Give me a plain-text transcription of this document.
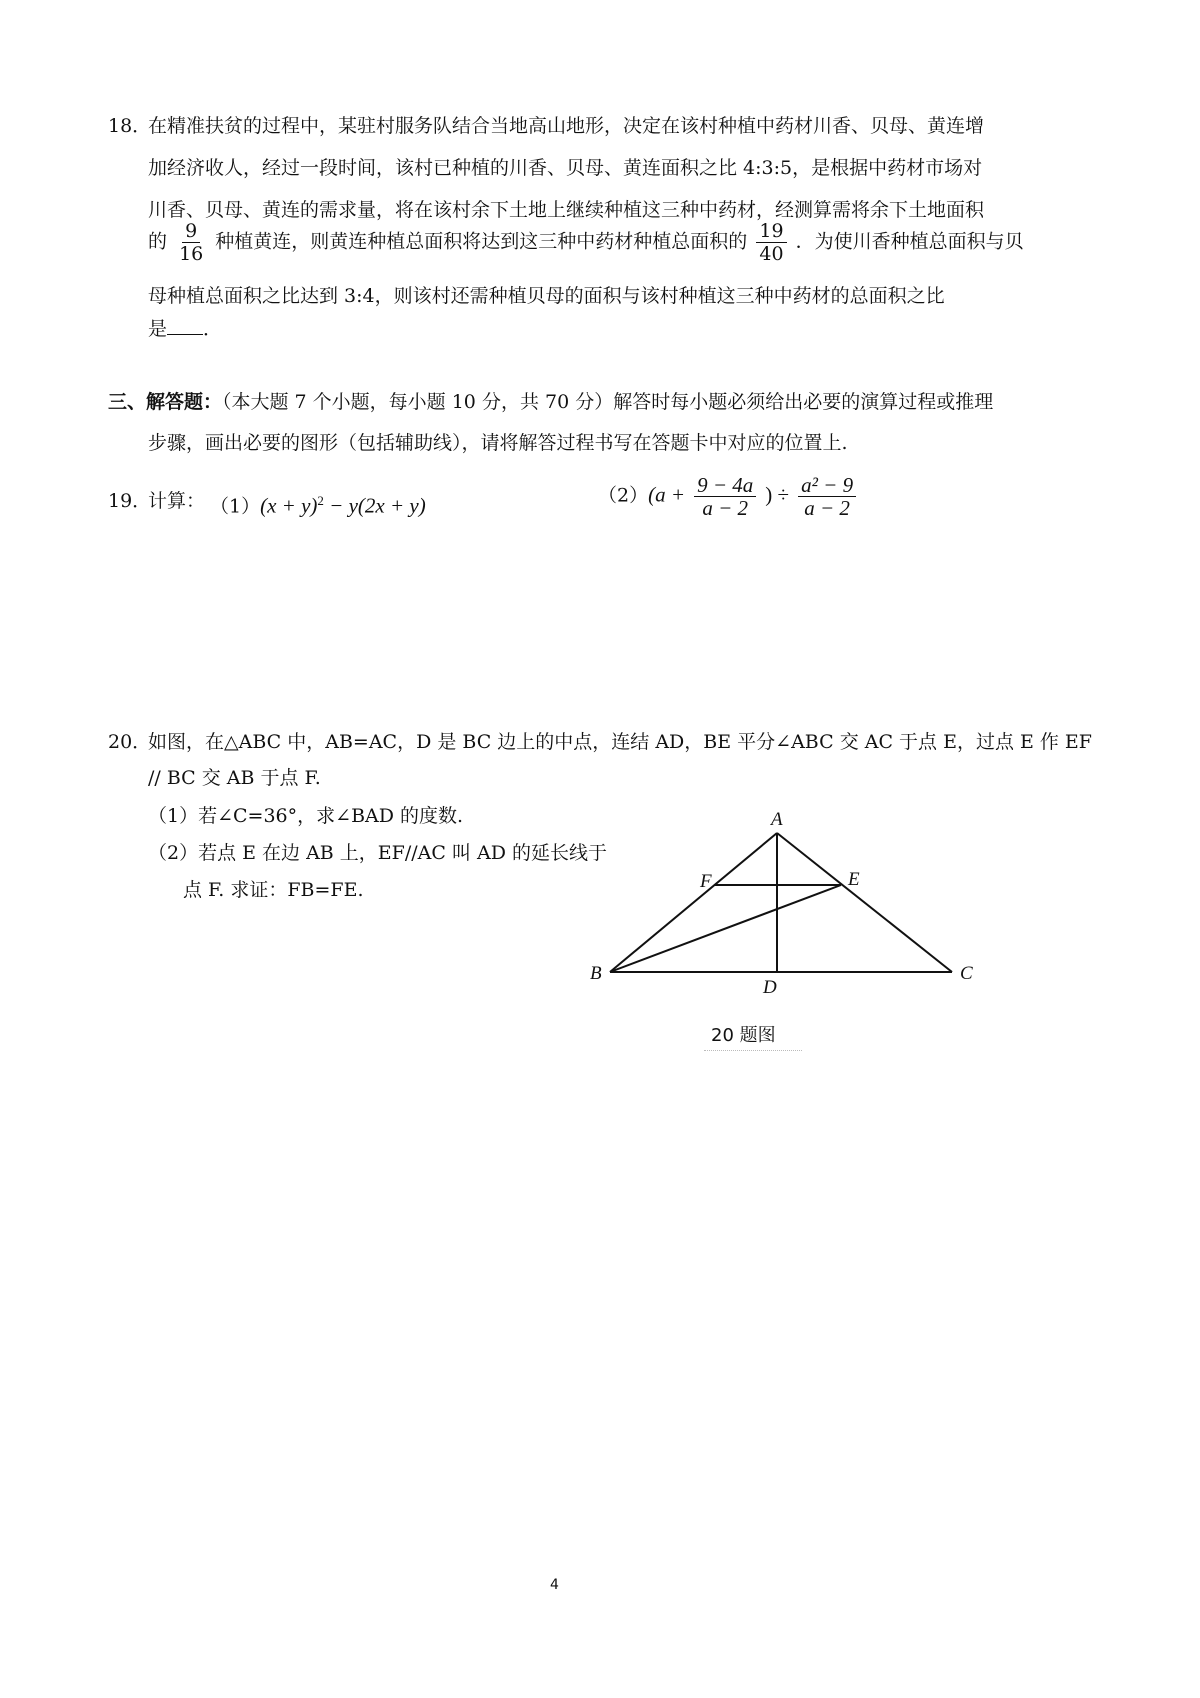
18．
在精准扶贫的过程中，某驻村服务队结合当地高山地形，决定在该村种植中药材川香、贝母、黄连增
加经济收人，经过一段时间，该村已种植的川香、贝母、黄连面积之比 4:3:5，是根据中药材市场对
川香、贝母、黄连的需求量，将在该村余下土地上继续种植这三种中药材，经测算需将余下土地面积
的 $\frac{9}{16}$ 种植黄连，则黄连种植总面积将达到这三种中药材种植总面积的 $\frac{19}{40}$ ．为使川香种植总面积与贝
母种植总面积之比达到 3:4，则该村还需种植贝母的面积与该村种植这三种中药材的总面积之比
是 ．
三、解答题：（本大题 7 个小题，每小题 10 分，共 70 分）解答时每小题必须给出必要的演算过程或推理
步骤，画出必要的图形（包括辅助线），请将解答过程书写在答题卡中对应的位置上.
19．
计算： $(1)(x + y)^2 - y(2x + y)$	$(2)(a + \frac{9 - 4a}{a - 2}$ ) ÷ $\frac{\text{a² − 9}}{a - 2}$
20．
如图，在△ABC 中，AB=AC，D 是 BC 边上的中点，连结 AD，BE 平分∠ABC 交 AC 于点 E，过点 E 作 EF
// BC 交 AB 于点 F.
（1）若∠C=36°，求∠BAD 的度数.
（2）若点 E 在边 AB 上，EF//AC 叫 AD 的延长线于
点 F. 求证：FB=FE.
A
B	C
D
E
F
20 题图
4
